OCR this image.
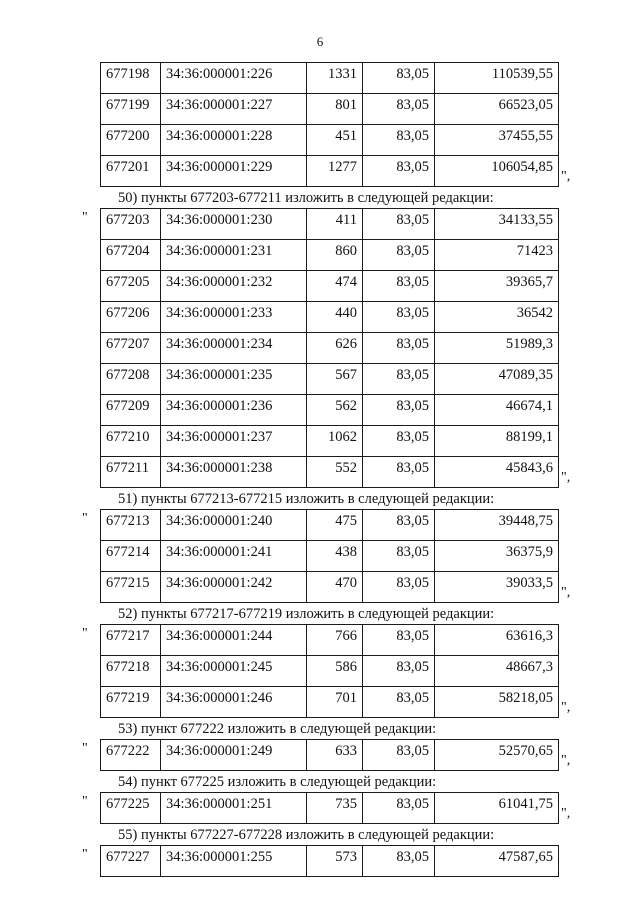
6
677198	34:36:000001:226	1331	83,05	110539,55
677199	34:36:000001:227	801	83,05	66523,05
677200	34:36:000001:228	451	83,05	37455,55
677201	34:36:000001:229	1277	83,05	106054,85
",
50) пункты 677203-677211 изложить в следующей редакции:
677203	34:36:000001:230	411	83,05	34133,55
677204	34:36:000001:231	860	83,05	71423
677205	34:36:000001:232	474	83,05	39365,7
677206	34:36:000001:233	440	83,05	36542
677207	34:36:000001:234	626	83,05	51989,3
677208	34:36:000001:235	567	83,05	47089,35
677209	34:36:000001:236	562	83,05	46674,1
677210	34:36:000001:237	1062	83,05	88199,1
677211	34:36:000001:238	552	83,05	45843,6
"
",
51) пункты 677213-677215 изложить в следующей редакции:
677213	34:36:000001:240	475	83,05	39448,75
677214	34:36:000001:241	438	83,05	36375,9
677215	34:36:000001:242	470	83,05	39033,5
"
",
52) пункты 677217-677219 изложить в следующей редакции:
677217	34:36:000001:244	766	83,05	63616,3
677218	34:36:000001:245	586	83,05	48667,3
677219	34:36:000001:246	701	83,05	58218,05
"
",
53) пункт 677222 изложить в следующей редакции:
677222	34:36:000001:249	633	83,05	52570,65
"
",
54) пункт 677225 изложить в следующей редакции:
677225	34:36:000001:251	735	83,05	61041,75
"
",
55) пункты 677227-677228 изложить в следующей редакции:
677227	34:36:000001:255	573	83,05	47587,65
"
